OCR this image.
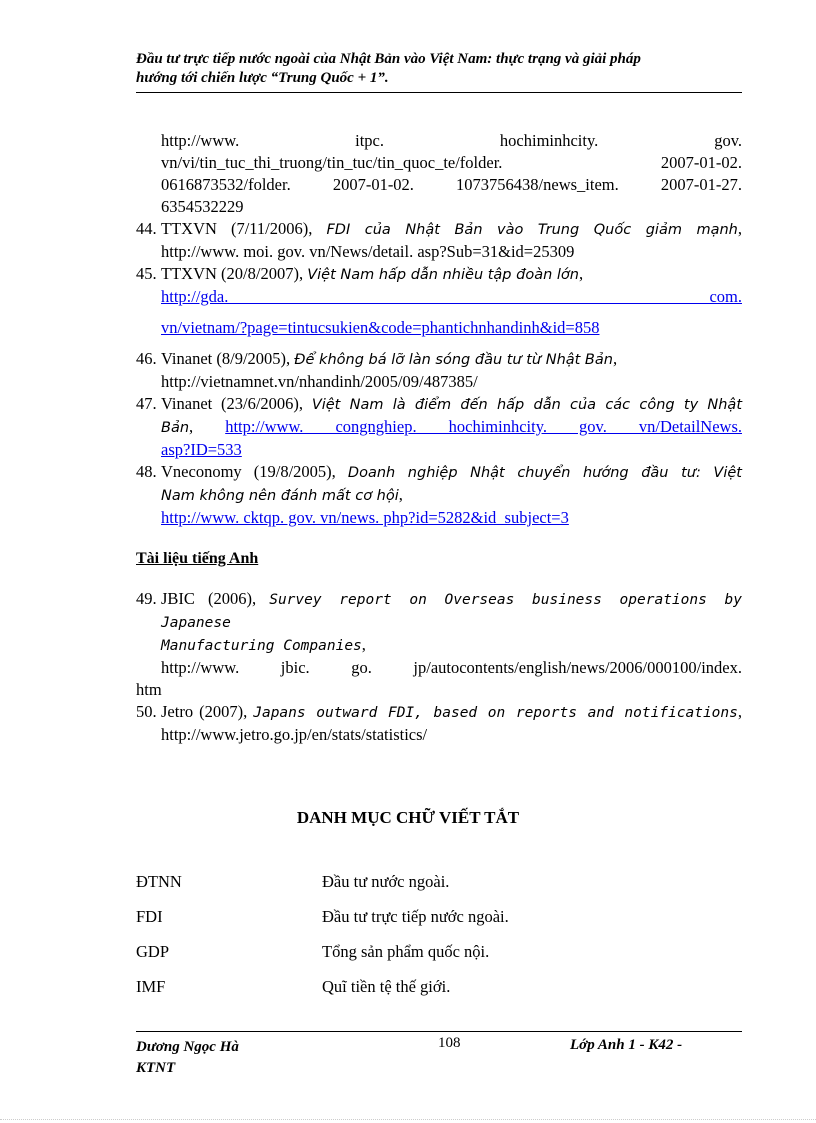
Đầu tư trực tiếp nước ngoài của Nhật Bản vào Việt Nam: thực trạng và giải pháp
hướng tới chiến lược “Trung Quốc + 1”.
http://www. itpc. hochiminhcity. gov.
vn/vi/tin_tuc_thi_truong/tin_tuc/tin_quoc_te/folder. 2007-01-02.
0616873532/folder. 2007-01-02. 1073756438/news_item. 2007-01-27.
6354532229
44. TTXVN (7/11/2006), FDI của Nhật Bản vào Trung Quốc giảm mạnh,
http://www. moi. gov. vn/News/detail. asp?Sub=31&id=25309
45. TTXVN (20/8/2007), Việt Nam hấp dẫn nhiều tập đoàn lớn,
http://gda. com.
vn/vietnam/?page=tintucsukien&code=phantichnhandinh&id=858
46. Vinanet (8/9/2005), Để không bá lỡ làn sóng đầu tư từ Nhật Bản,
http://vietnamnet.vn/nhandinh/2005/09/487385/
47. Vinanet (23/6/2006), Việt Nam là điểm đến hấp dẫn của các công ty Nhật
Bản, http://www. congnghiep. hochiminhcity. gov. vn/DetailNews.
asp?ID=533
48. Vneconomy (19/8/2005), Doanh nghiệp Nhật chuyển hướng đầu tư: Việt
Nam không nên đánh mất cơ hội,
http://www. cktqp. gov. vn/news. php?id=5282&id_subject=3
Tài liệu tiếng Anh
49. JBIC (2006), Survey report on Overseas business operations by Japanese
Manufacturing Companies,
http://www. jbic. go. jp/autocontents/english/news/2006/000100/index.
htm
50. Jetro (2007), Japans outward FDI, based on reports and notifications,
http://www.jetro.go.jp/en/stats/statistics/
DANH MỤC CHỮ VIẾT TẮT
ĐTNN	Đầu tư nước ngoài.
FDI	Đầu tư trực tiếp nước ngoài.
GDP	Tổng sản phẩm quốc nội.
IMF	Quĩ tiền tệ thế giới.
Dương Ngọc Hà
KTNT
108	Lớp Anh 1 - K42 -
